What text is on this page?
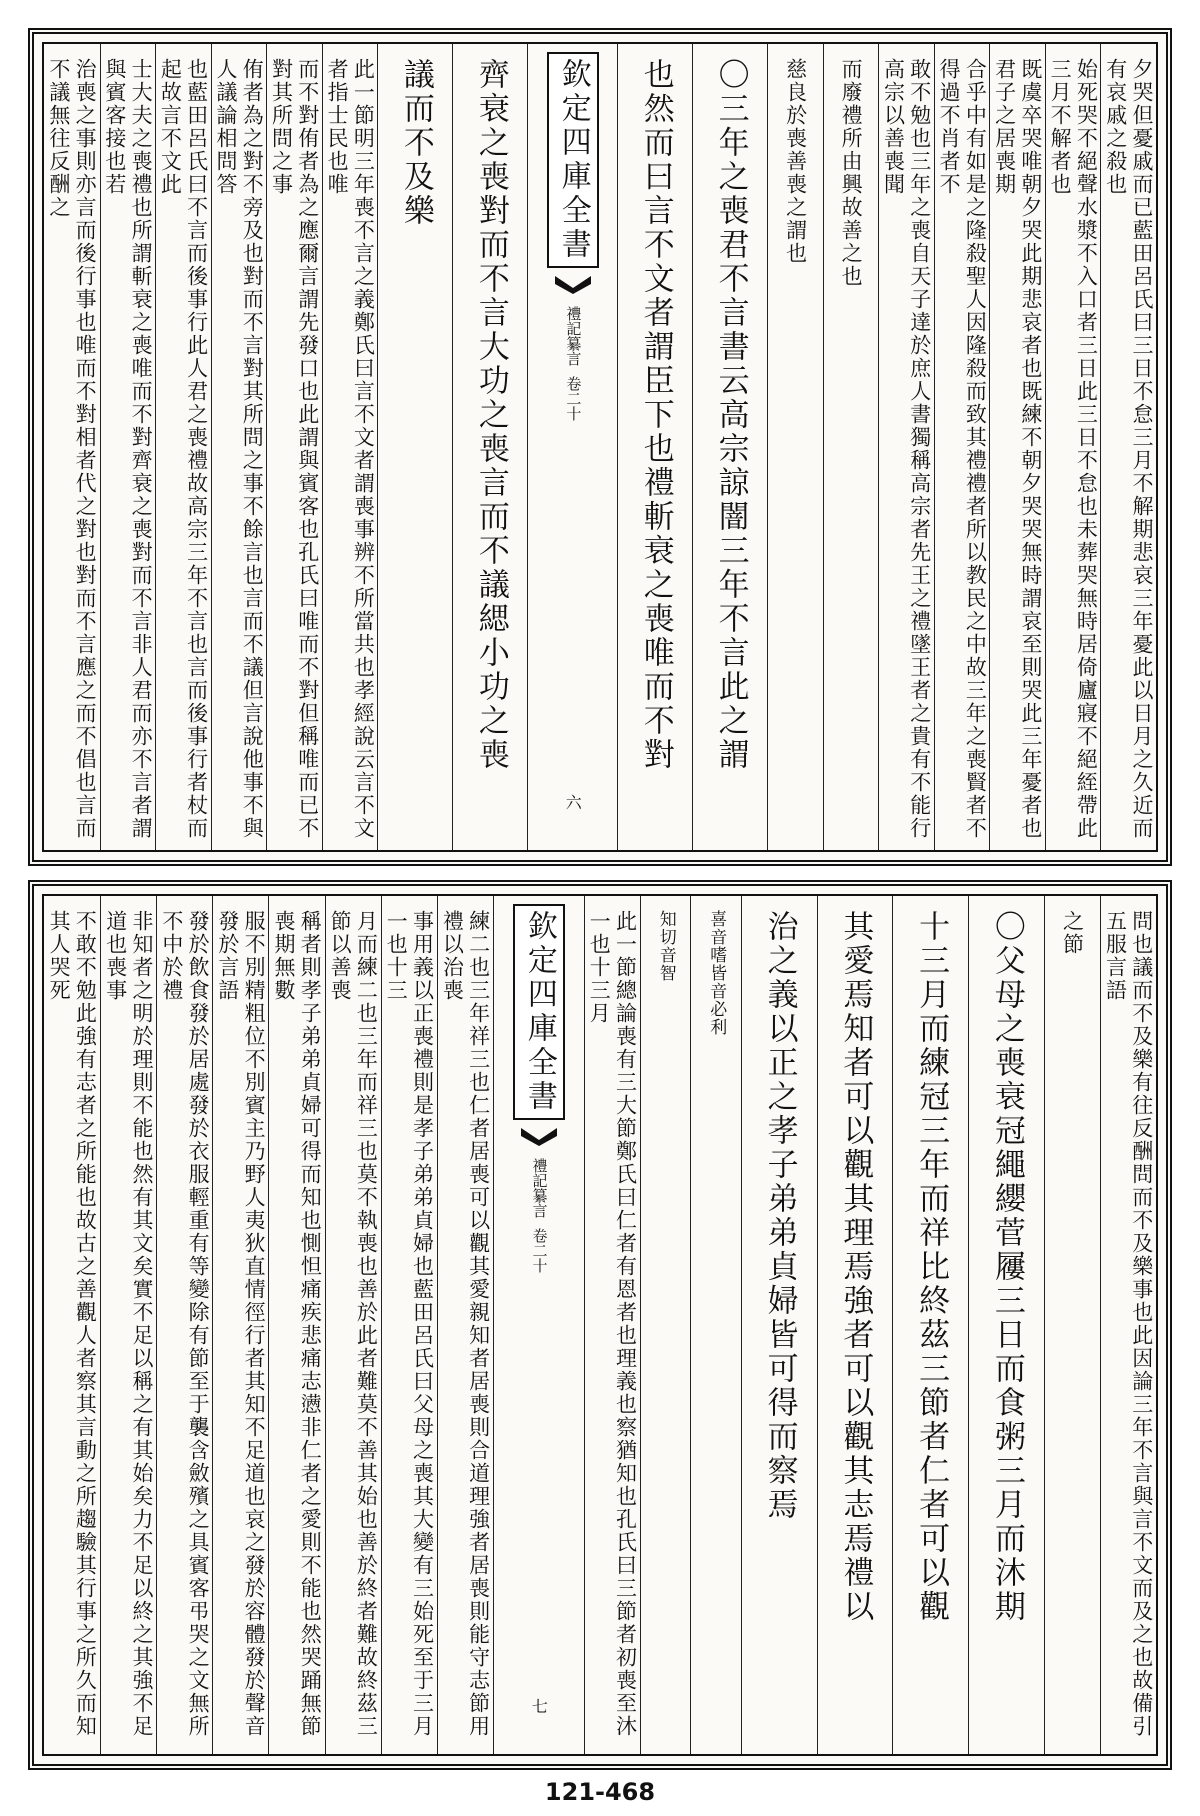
夕哭但憂戚而已藍田呂氏曰三日不怠三月不解期悲哀三年憂此以日月之久近而有哀戚之殺也
始死哭不絕聲水漿不入口者三日此三日不怠也未葬哭無時居倚廬寢不絕絰帶此三月不解者也
既虞卒哭唯朝夕哭此期悲哀者也既練不朝夕哭哭無時謂哀至則哭此三年憂者也君子之居喪期
合乎中有如是之隆殺聖人因隆殺而致其禮禮者所以教民之中故三年之喪賢者不得過不肖者不
敢不勉也三年之喪自天子達於庶人書獨稱高宗者先王之禮墜王者之貴有不能行高宗以善喪聞
而廢禮所由興故善之也
慈良於喪善喪之謂也
〇三年之喪君不言書云高宗諒闇三年不言此之謂
也然而曰言不文者謂臣下也禮斬衰之喪唯而不對
欽定四庫全書
禮記纂言
卷二十
六
齊衰之喪對而不言大功之喪言而不議緦小功之喪
議而不及樂
此一節明三年喪不言之義鄭氏曰言不文者謂喪事辨不所當共也孝經說云言不文者指士民也唯
而不對侑者為之應爾言謂先發口也此謂與賓客也孔氏曰唯而不對但稱唯而已不對其所問之事
侑者為之對不旁及也對而不言對其所問之事不餘言也言而不議但言說他事不與人議論相問答
也藍田呂氏曰不言而後事行此人君之喪禮故高宗三年不言也言而後事行者杖而起故言不文此
士大夫之喪禮也所謂斬衰之喪唯而不對齊衰之喪對而不言非人君而亦不言者謂與賓客接也若
治喪之事則亦言而後行事也唯而不對相者代之對也對而不言應之而不倡也言而不議無往反酬之
問也議而不及樂有往反酬問而不及樂事也此因論三年不言與言不文而及之也故備引五服言語
之節
〇父母之喪衰冠繩纓菅屨三日而食粥三月而沐期
十三月而練冠三年而祥比終茲三節者仁者可以觀
其愛焉知者可以觀其理焉強者可以觀其志焉禮以
治之義以正之孝子弟弟貞婦皆可得而察焉
喜音嗜皆音必利
知切音智
此一節總論喪有三大節鄭氏曰仁者有恩者也理義也察猶知也孔氏曰三節者初喪至沐一也十三月
欽定四庫全書
禮記纂言
卷二十
七
練二也三年祥三也仁者居喪可以觀其愛親知者居喪則合道理強者居喪則能守志節用禮以治喪
事用義以正喪禮則是孝子弟弟貞婦也藍田呂氏曰父母之喪其大變有三始死至于三月一也十三
月而練二也三年而祥三也莫不執喪也善於此者難莫不善其始也善於終者難故終茲三節以善喪
稱者則孝子弟弟貞婦可得而知也惻怛痛疾悲痛志懑非仁者之愛則不能也然哭踊無節喪期無數
服不別精粗位不別賓主乃野人夷狄直情徑行者其知不足道也哀之發於容體發於聲音發於言語
發於飲食發於居處發於衣服輕重有等變除有節至于襲含斂殯之具賓客弔哭之文無所不中於禮
非知者之明於理則不能也然有其文矣實不足以稱之有其始矣力不足以終之其強不足道也喪事
不敢不勉此強有志者之所能也故古之善觀人者察其言動之所趨驗其行事之所久而知其人哭死
121-468
